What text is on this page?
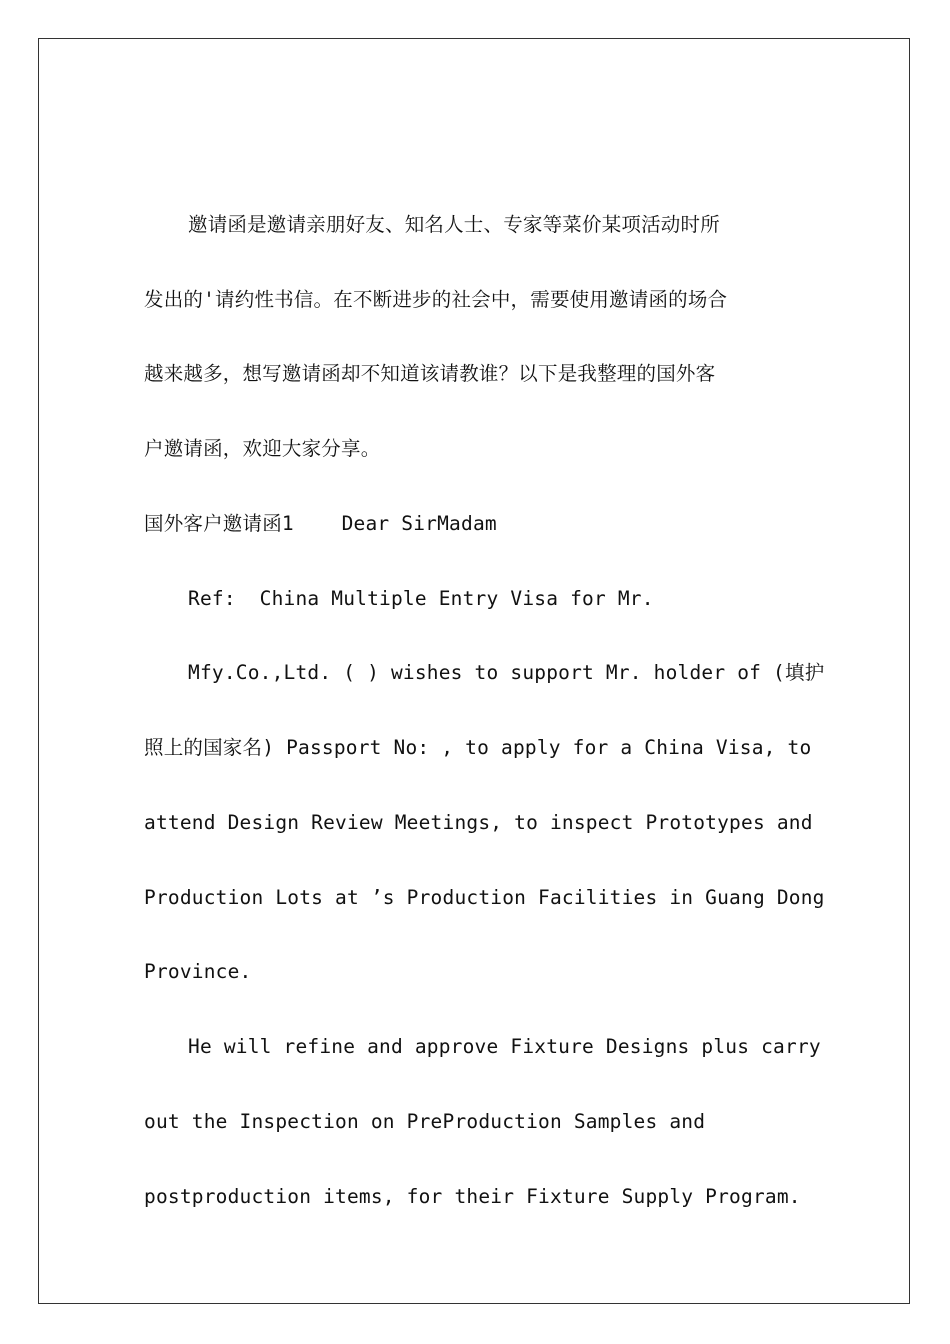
邀请函是邀请亲朋好友、知名人士、专家等菜价某项活动时所
发出的'请约性书信。在不断进步的社会中，需要使用邀请函的场合
越来越多，想写邀请函却不知道该请教谁？以下是我整理的国外客
户邀请函，欢迎大家分享。
国外客户邀请函1    Dear SirMadam
Ref:  China Multiple Entry Visa for Mr.
Mfy.Co.,Ltd. ( ) wishes to support Mr. holder of (填护
照上的国家名) Passport No: , to apply for a China Visa, to
attend Design Review Meetings, to inspect Prototypes and
Production Lots at ’s Production Facilities in Guang Dong
Province.
He will refine and approve Fixture Designs plus carry
out the Inspection on PreProduction Samples and
postproduction items, for their Fixture Supply Program.
